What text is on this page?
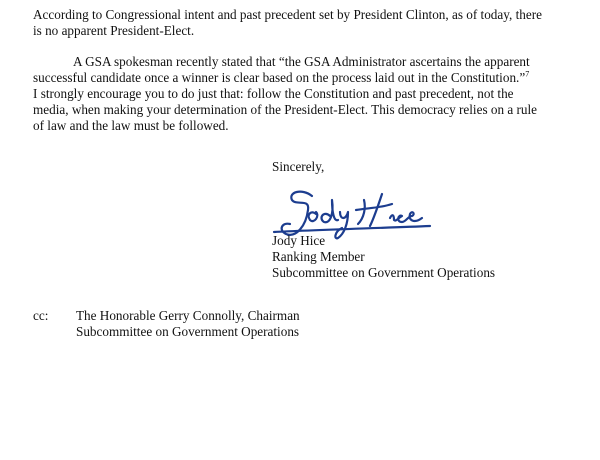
According to Congressional intent and past precedent set by President Clinton, as of today, there
is no apparent President-Elect.
A GSA spokesman recently stated that “the GSA Administrator ascertains the apparent
successful candidate once a winner is clear based on the process laid out in the Constitution.”$^7$
I strongly encourage you to do just that: follow the Constitution and past precedent, not the
media, when making your determination of the President-Elect. This democracy relies on a rule
of law and the law must be followed.
Sincerely,
Jody Hice
Ranking Member
Subcommittee on Government Operations
cc: The Honorable Gerry Connolly, Chairman
Subcommittee on Government Operations
